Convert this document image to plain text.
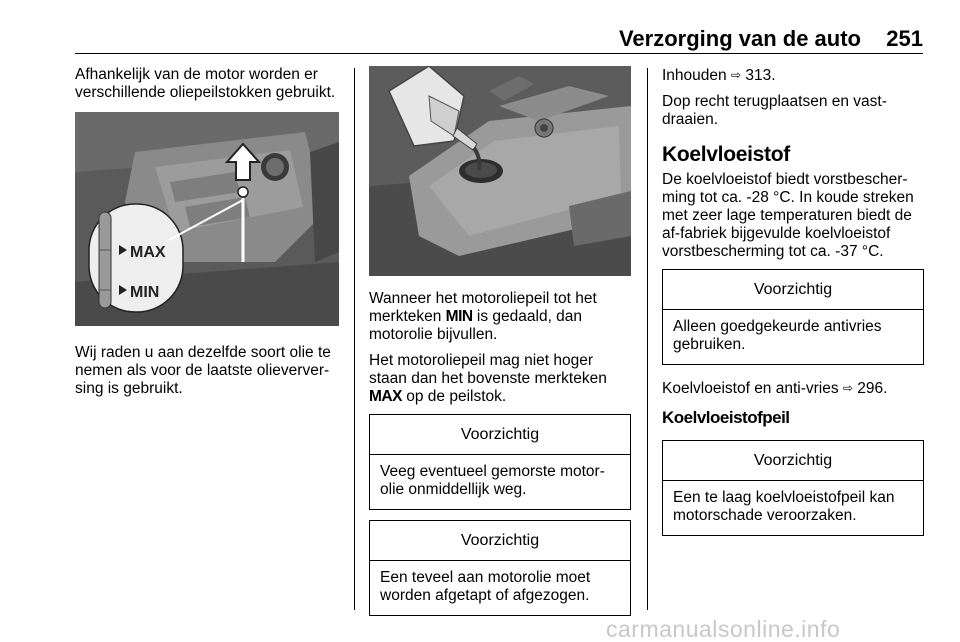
Verzorging van de auto 251

Afhankelijk van de motor worden er verschillende oliepeilstokken gebruikt.

MAX
MIN

Wij raden u aan dezelfde soort olie te nemen als voor de laatste olieverver-sing is gebruikt.

Wanneer het motoroliepeil tot het merkteken MIN is gedaald, dan motorolie bijvullen.

Het motoroliepeil mag niet hoger staan dan het bovenste merkteken MAX op de peilstok.

Voorzichtig
Veeg eventueel gemorste motor-olie onmiddellijk weg.
Voorzichtig
Een teveel aan motorolie moet worden afgetapt of afgezogen.

Inhouden ⇨ 313.

Dop recht terugplaatsen en vast-draaien.

Koelvloeistof

De koelvloeistof biedt vorstbescher-ming tot ca. -28 °C. In koude streken met zeer lage temperaturen biedt de af-fabriek bijgevulde koelvloeistof vorstbescherming tot ca. -37 °C.

Voorzichtig
Alleen goedgekeurde antivries gebruiken.

Koelvloeistof en anti-vries ⇨ 296.

Koelvloeistofpeil
Voorzichtig
Een te laag koelvloeistofpeil kan motorschade veroorzaken.
carmanualsonline.info
